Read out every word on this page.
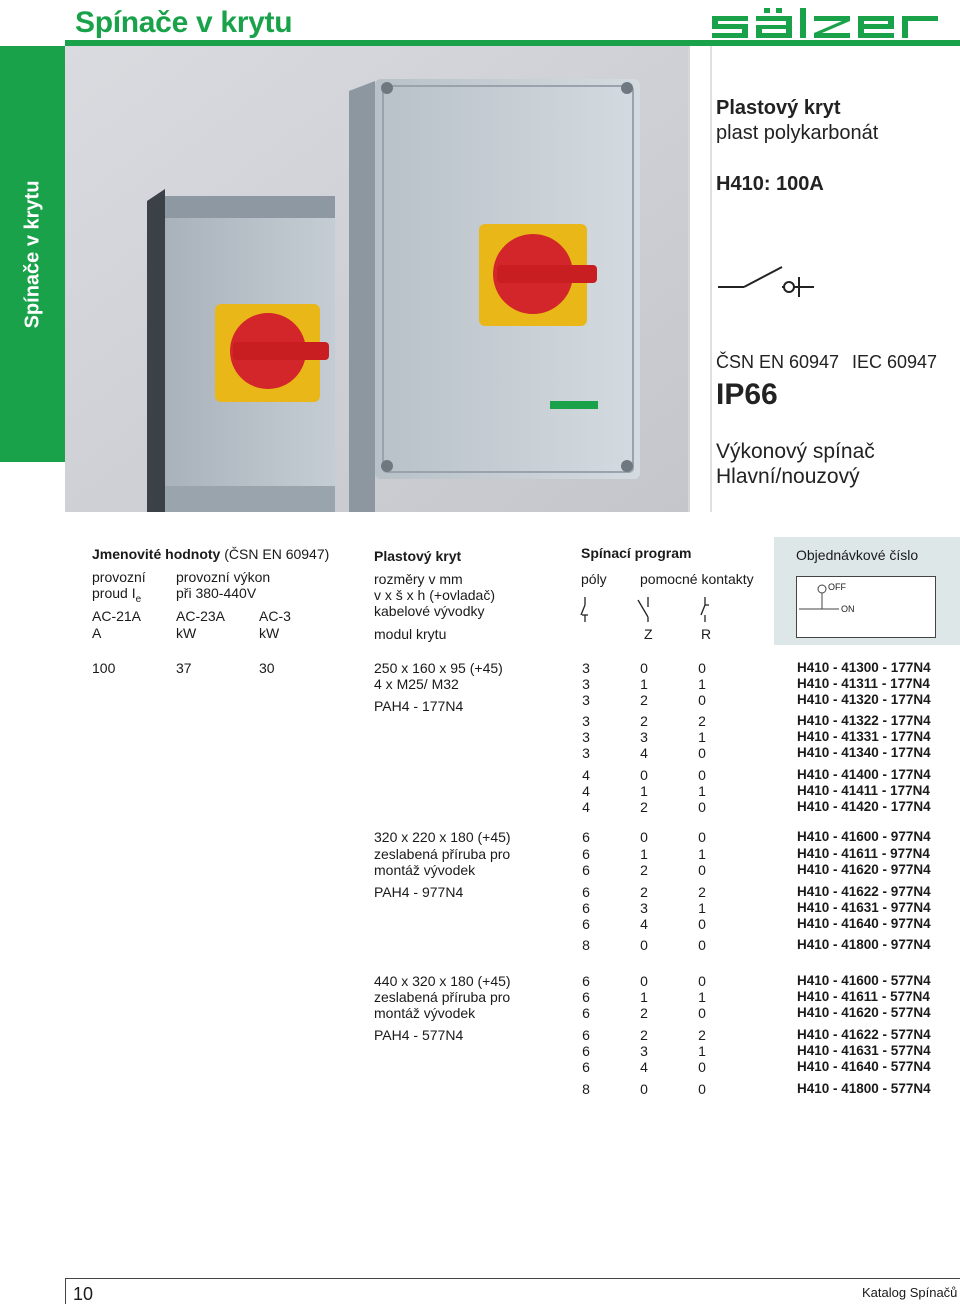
Spínače v krytu
Spínače v krytu
Plastový kryt
plast polykarbonát
H410: 100A
ČSN EN 60947 IEC 60947
IP66
Výkonový spínač
Hlavní/nouzový
Jmenovité hodnoty (ČSN EN 60947)
provozní
proud $I_e$
provozní výkon
při 380-440V
AC-21A AC-23A AC-3
A	kW	kW
Plastový kryt
rozměry v mm
v x š x h (+ovladač)
kabelové vývodky
modul krytu
Spínací program
póly pomocné kontakty
Z	R
Objednávkové číslo
OFF
ON
100	37	30	250 x 160 x 95 (+45)
4 x M25/ M32
PAH4 - 177N4
320 x 220 x 180 (+45)
zeslabená příruba pro
montáž vývodek
PAH4 - 977N4
440 x 320 x 180 (+45)
zeslabená příruba pro
montáž vývodek
PAH4 - 577N4
3	0	0	H410 - 41300 - 177N4
3	1	1	H410 - 41311 - 177N4
3	2	0	H410 - 41320 - 177N4
3	2	2	H410 - 41322 - 177N4
3	3	1	H410 - 41331 - 177N4
3	4	0	H410 - 41340 - 177N4
4	0	0	H410 - 41400 - 177N4
4	1	1	H410 - 41411 - 177N4
4	2	0	H410 - 41420 - 177N4
6	0	0	H410 - 41600 - 977N4
6	1	1	H410 - 41611 - 977N4
6	2	0	H410 - 41620 - 977N4
6	2	2	H410 - 41622 - 977N4
6	3	1	H410 - 41631 - 977N4
6	4	0	H410 - 41640 - 977N4
8	0	0	H410 - 41800 - 977N4
6	0	0	H410 - 41600 - 577N4
6	1	1	H410 - 41611 - 577N4
6	2	0	H410 - 41620 - 577N4
6	2	2	H410 - 41622 - 577N4
6	3	1	H410 - 41631 - 577N4
6	4	0	H410 - 41640 - 577N4
8	0	0	H410 - 41800 - 577N4
10	Katalog Spínačů
